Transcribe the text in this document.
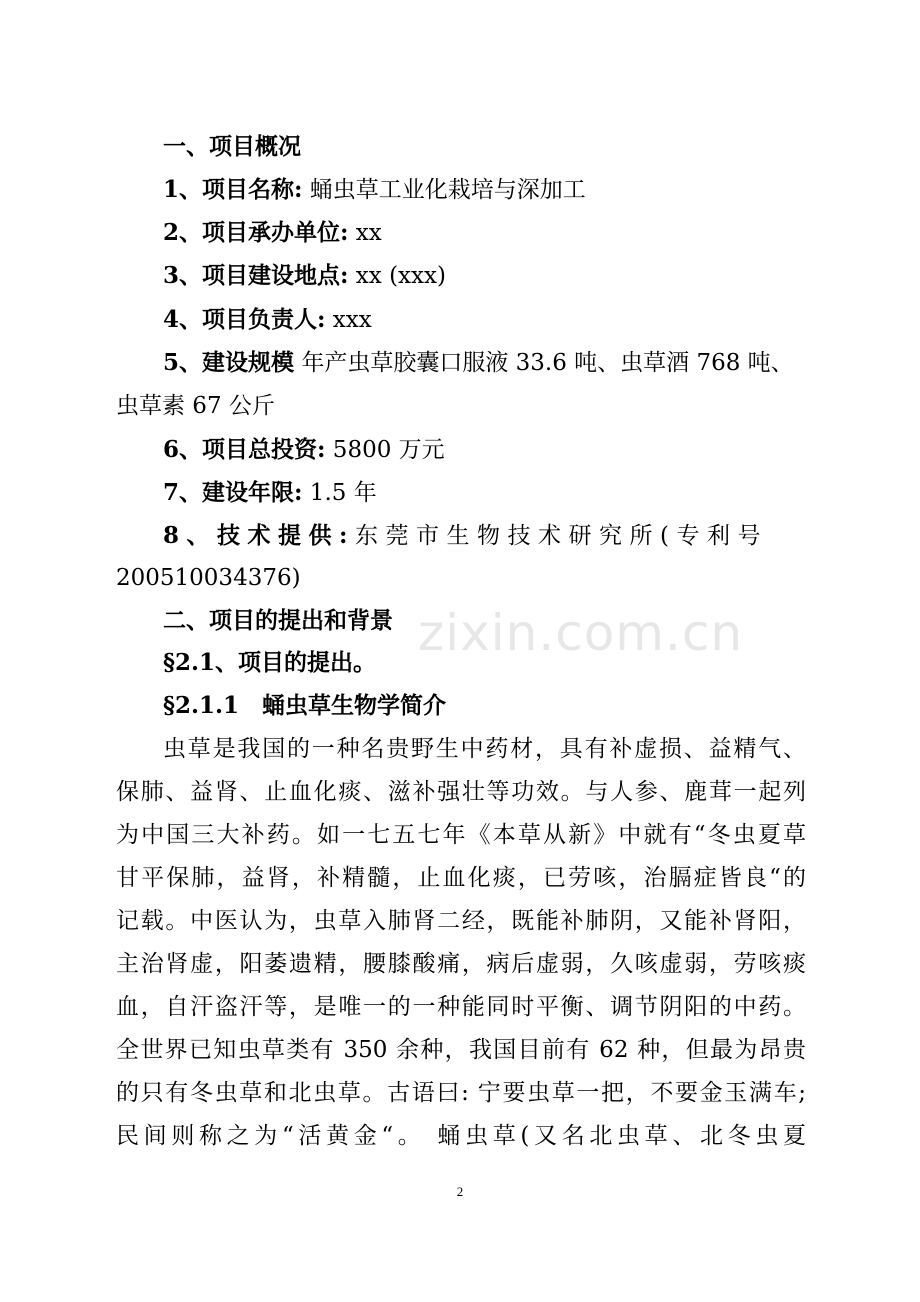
一、项目概况
1、项目名称: 蛹虫草工业化栽培与深加工
2、项目承办单位: xx
3、项目建设地点: xx (xxx)
4、项目负责人: xxx
5、建设规模 年产虫草胶囊口服液 33.6 吨、虫草酒 768 吨、
虫草素 67 公斤
6、项目总投资: 5800 万元
7、建设年限: 1.5 年
8、技术提供:东莞市生物技术研究所(专利号
200510034376)
二、项目的提出和背景
§2.1、项目的提出。
§2.1.1　蛹虫草生物学简介
虫草是我国的一种名贵野生中药材，具有补虚损、益精气、
保肺、益肾、止血化痰、滋补强壮等功效。与人参、鹿茸一起列
为中国三大补药。如一七五七年《本草从新》中就有“冬虫夏草
甘平保肺，益肾，补精髓，止血化痰，已劳咳，治膈症皆良“的
记载。中医认为，虫草入肺肾二经，既能补肺阴，又能补肾阳，
主治肾虚，阳萎遗精，腰膝酸痛，病后虚弱，久咳虚弱，劳咳痰
血，自汗盗汗等，是唯一的一种能同时平衡、调节阴阳的中药。
全世界已知虫草类有 350 余种，我国目前有 62 种，但最为昂贵
的只有冬虫草和北虫草。古语曰: 宁要虫草一把，不要金玉满车;
民间则称之为“活黄金“。 蛹虫草(又名北虫草、北冬虫夏
zixin.com.cn
2
